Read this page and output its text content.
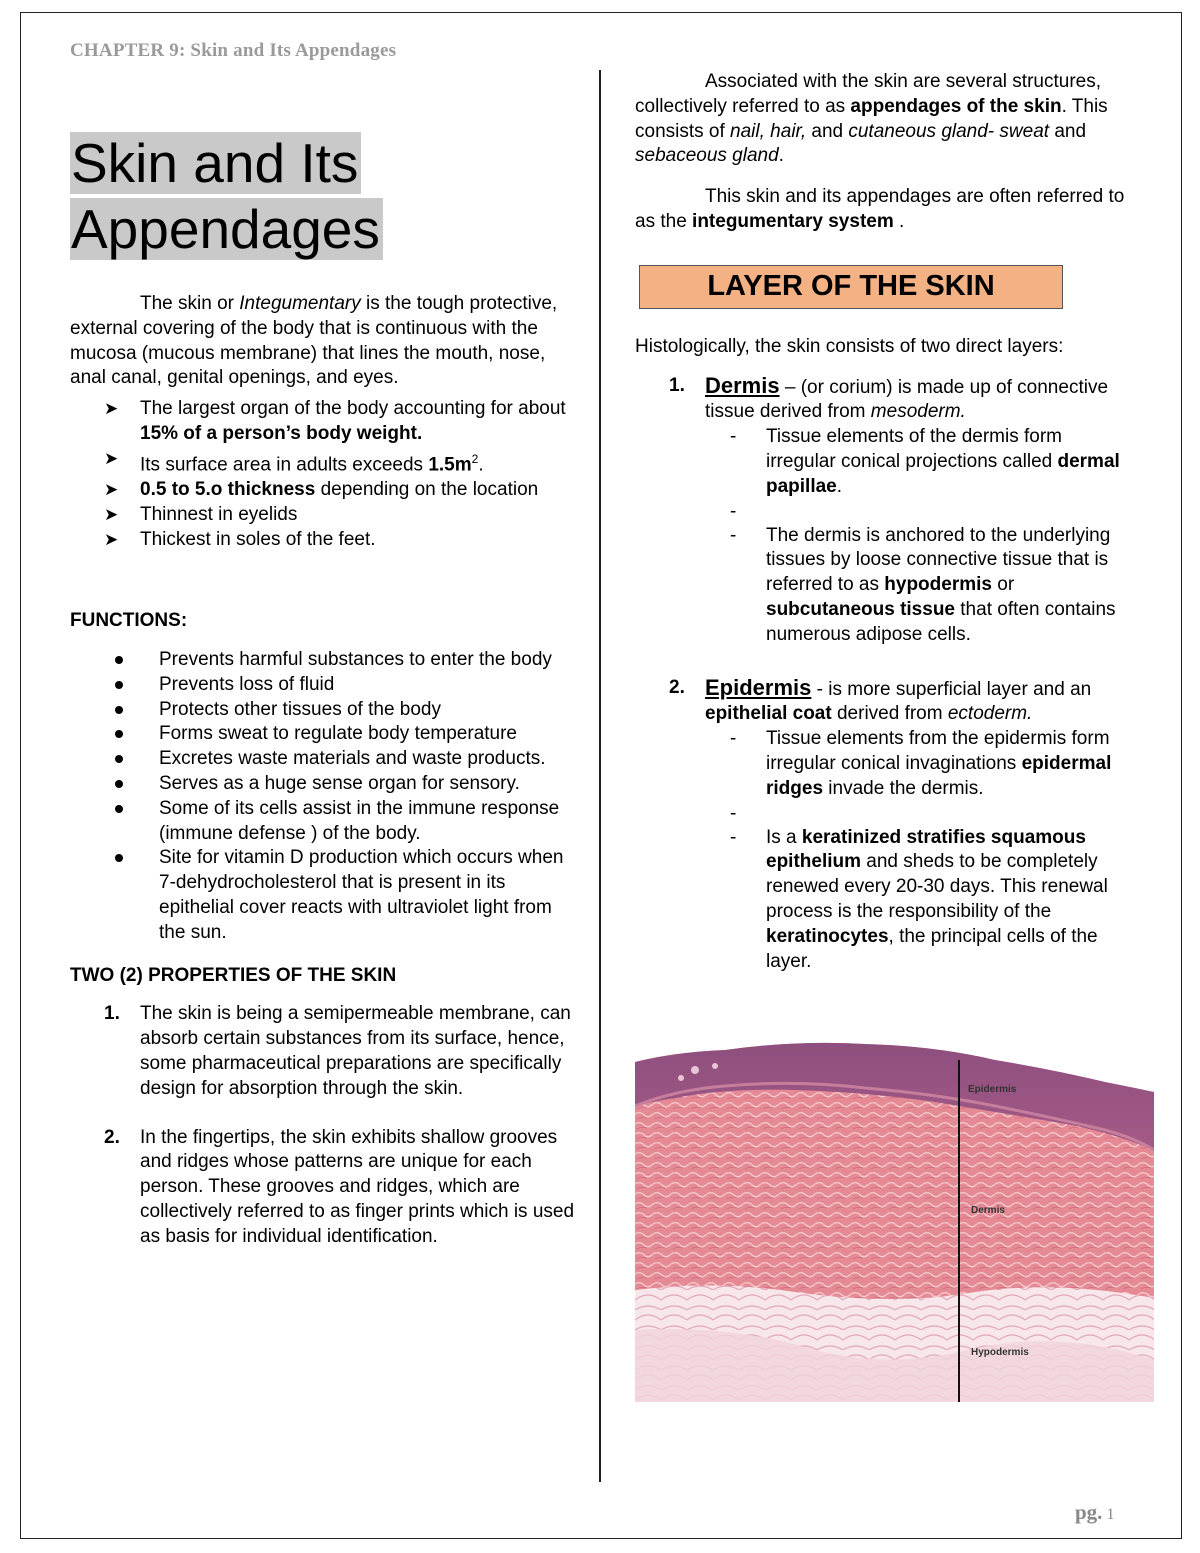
CHAPTER 9: Skin and Its Appendages
Skin and Its
Appendages

The skin or Integumentary is the tough protective, external covering of the body that is continuous with the mucosa (mucous membrane) that lines the mouth, nose, anal canal, genital openings, and eyes.

➤ The largest organ of the body accounting for about 15% of a person’s body weight.
➤ Its surface area in adults exceeds $1.5m^2$.
➤ 0.5 to 5.o thickness depending on the location
➤ Thinnest in eyelids
➤ Thickest in soles of the feet.

FUNCTIONS:

Prevents harmful substances to enter the body
Prevents loss of fluid
Protects other tissues of the body
Forms sweat to regulate body temperature
Excretes waste materials and waste products.
Serves as a huge sense organ for sensory.
Some of its cells assist in the immune response (immune defense ) of the body.
Site for vitamin D production which occurs when 7-dehydrocholesterol that is present in its epithelial cover reacts with ultraviolet light from the sun.

TWO (2) PROPERTIES OF THE SKIN

1. The skin is being a semipermeable membrane, can absorb certain substances from its surface, hence, some pharmaceutical preparations are specifically design for absorption through the skin.
2. In the fingertips, the skin exhibits shallow grooves and ridges whose patterns are unique for each person. These grooves and ridges, which are collectively referred to as finger prints which is used as basis for individual identification.

Associated with the skin are several structures, collectively referred to as appendages of the skin. This consists of nail, hair, and cutaneous gland- sweat and sebaceous gland.

This skin and its appendages are often referred to as the integumentary system .

LAYER OF THE SKIN

Histologically, the skin consists of two direct layers:

1. Dermis – (or corium) is made up of connective tissue derived from mesoderm.
- Tissue elements of the dermis form irregular conical projections called dermal papillae.
-
- The dermis is anchored to the underlying tissues by loose connective tissue that is referred to as hypodermis or subcutaneous tissue that often contains numerous adipose cells.
2. Epidermis - is more superficial layer and an epithelial coat derived from ectoderm.
- Tissue elements from the epidermis form irregular conical invaginations epidermal ridges invade the dermis.
-
- Is a keratinized stratifies squamous epithelium and sheds to be completely renewed every 20-30 days. This renewal process is the responsibility of the keratinocytes, the principal cells of the layer.
Epidermis
Dermis
Hypodermis
pg. 1
